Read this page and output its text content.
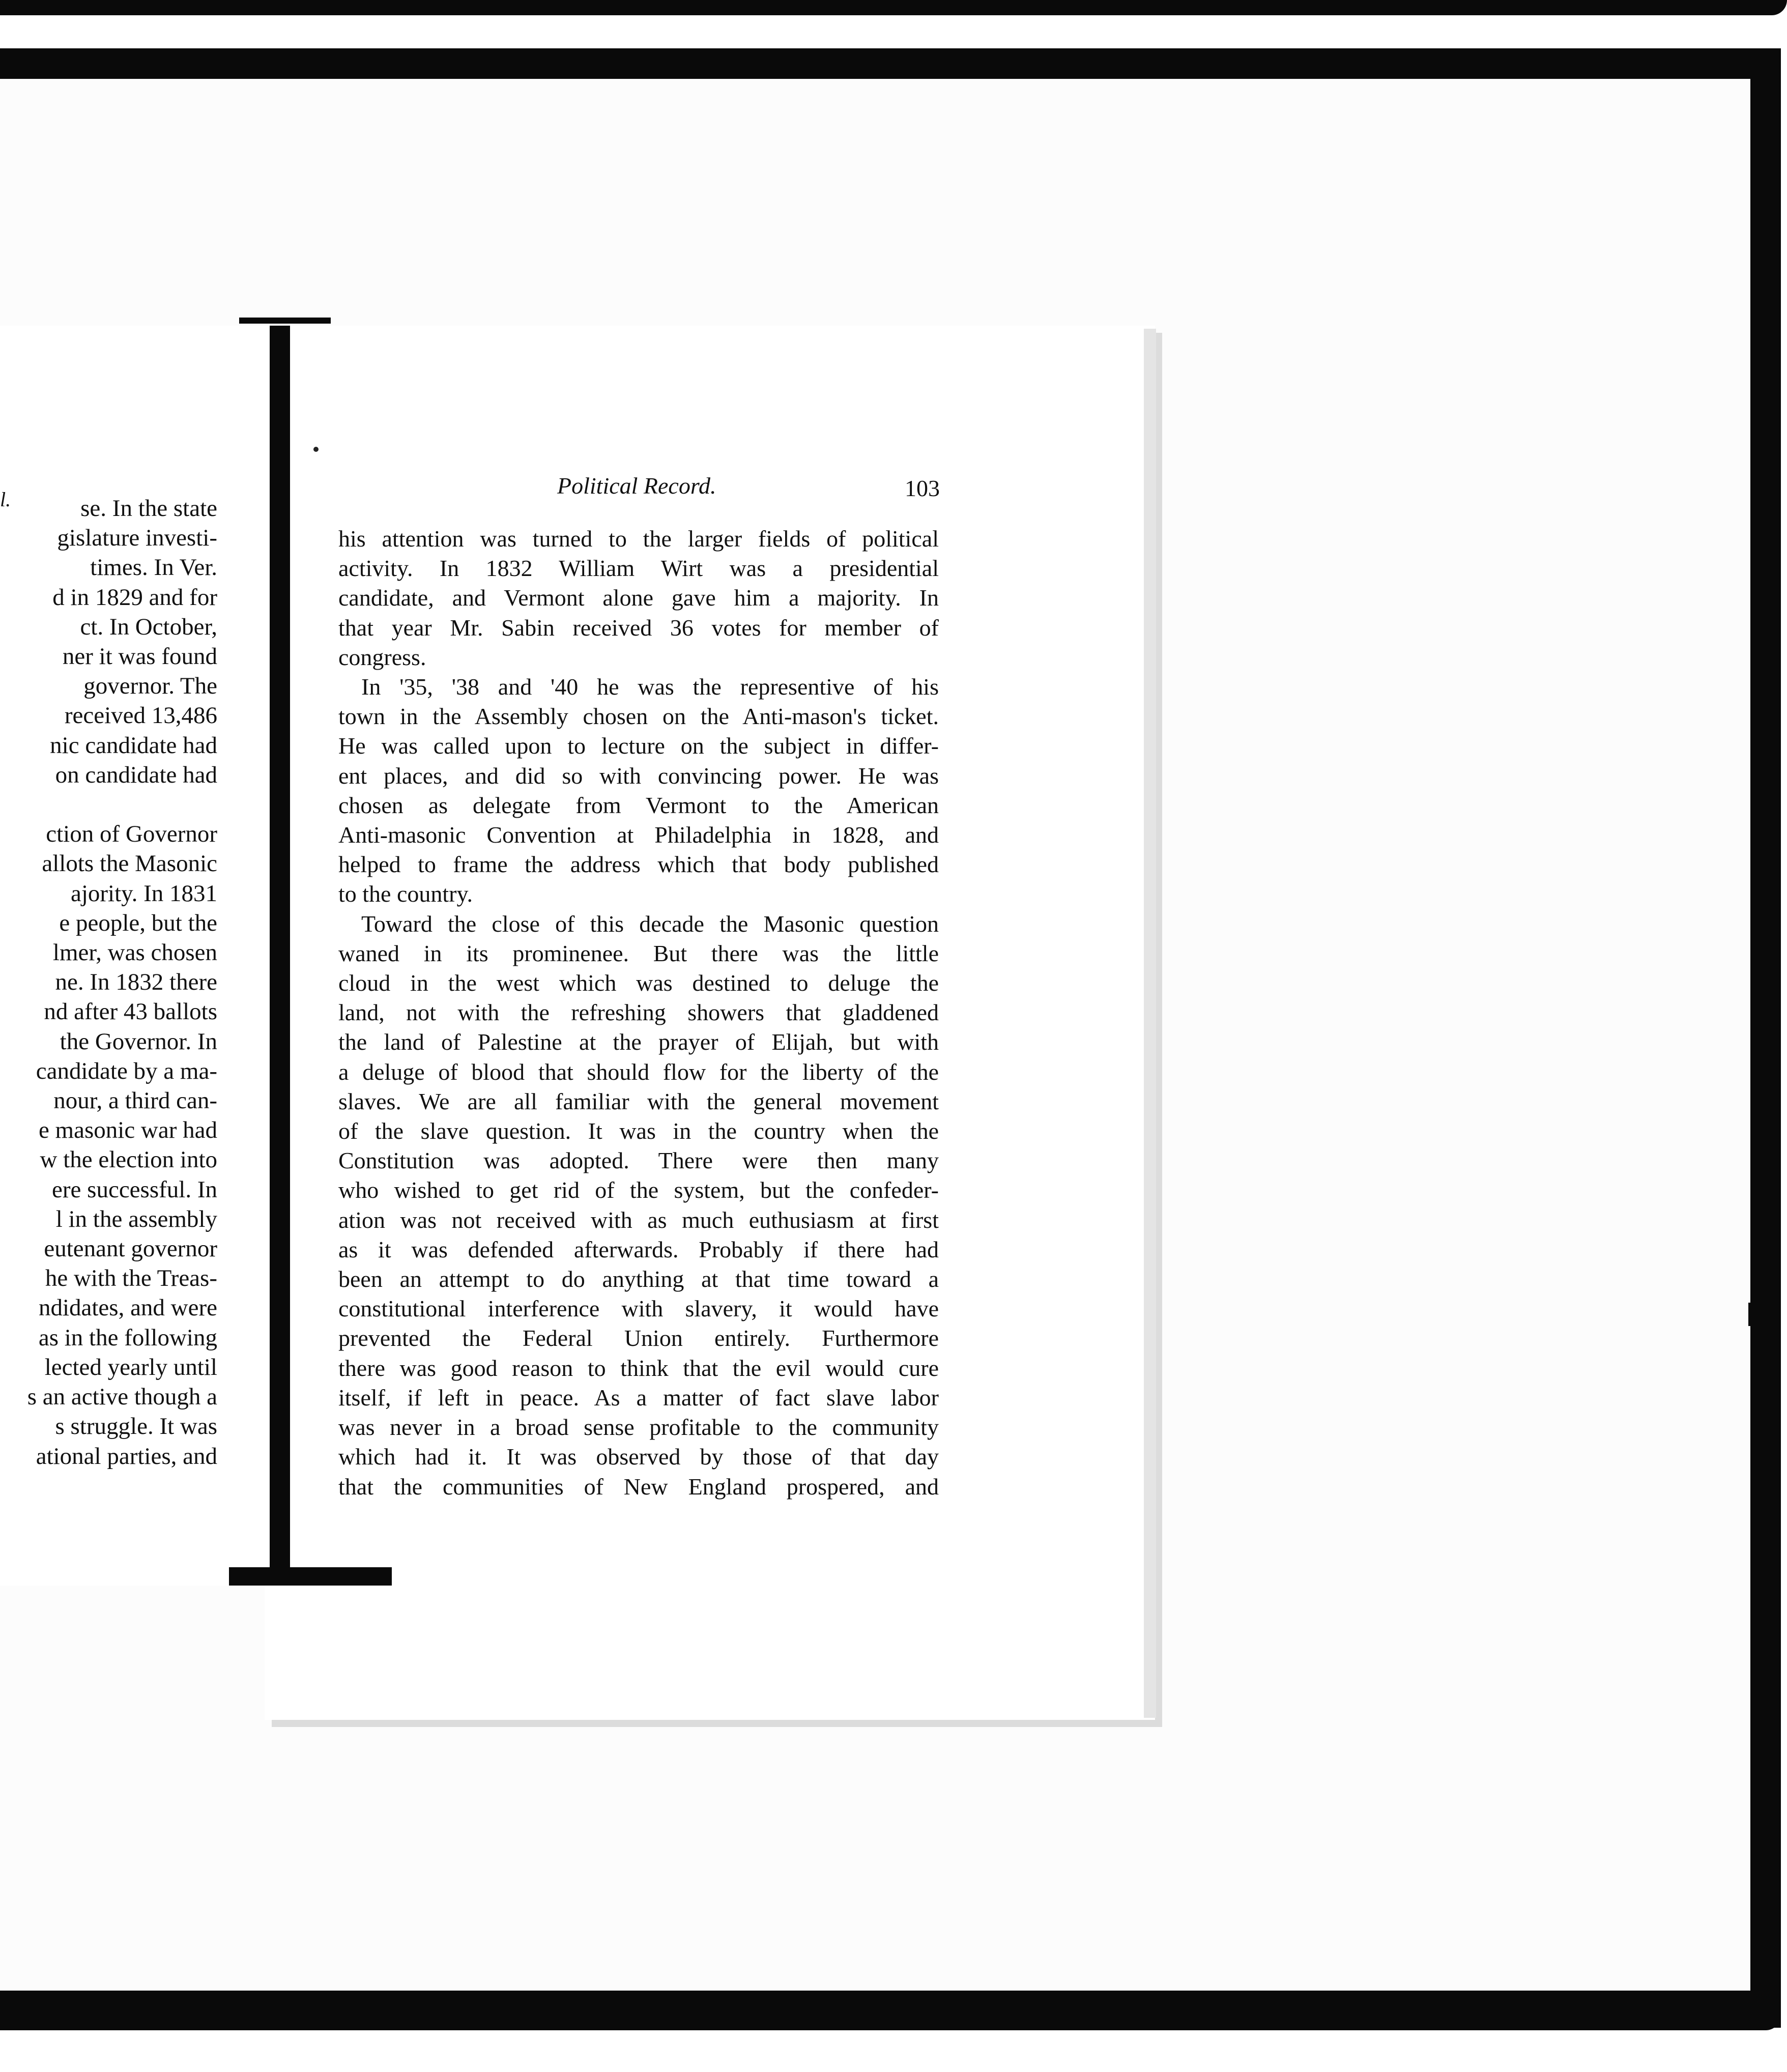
l.	se. In the state
gislature investi-
times. In Ver.
d in 1829 and for
ct. In October,
ner it was found
governor. The
received 13,486
nic candidate had
on candidate had

ction of Governor
allots the Masonic
ajority. In 1831
e people, but the
lmer, was chosen
ne. In 1832 there
nd after 43 ballots
the Governor. In
candidate by a ma-
nour, a third can-
e masonic war had
w the election into
ere successful. In
l in the assembly
eutenant governor
he with the Treas-
ndidates, and were
as in the following
lected yearly until
s an active though a
s struggle. It was
ational parties, and
Political Record.	103
his attention was turned to the larger fields of political
activity. In 1832 William Wirt was a presidential
candidate, and Vermont alone gave him a majority. In
that year Mr. Sabin received 36 votes for member of
congress.
In '35, '38 and '40 he was the representive of his
town in the Assembly chosen on the Anti-mason's ticket.
He was called upon to lecture on the subject in differ-
ent places, and did so with convincing power. He was
chosen as delegate from Vermont to the American
Anti-masonic Convention at Philadelphia in 1828, and
helped to frame the address which that body published
to the country.
Toward the close of this decade the Masonic question
waned in its prominenee. But there was the little
cloud in the west which was destined to deluge the
land, not with the refreshing showers that gladdened
the land of Palestine at the prayer of Elijah, but with
a deluge of blood that should flow for the liberty of the
slaves. We are all familiar with the general movement
of the slave question. It was in the country when the
Constitution was adopted. There were then many
who wished to get rid of the system, but the confeder-
ation was not received with as much euthusiasm at first
as it was defended afterwards. Probably if there had
been an attempt to do anything at that time toward a
constitutional interference with slavery, it would have
prevented the Federal Union entirely. Furthermore
there was good reason to think that the evil would cure
itself, if left in peace. As a matter of fact slave labor
was never in a broad sense profitable to the community
which had it. It was observed by those of that day
that the communities of New England prospered, and
